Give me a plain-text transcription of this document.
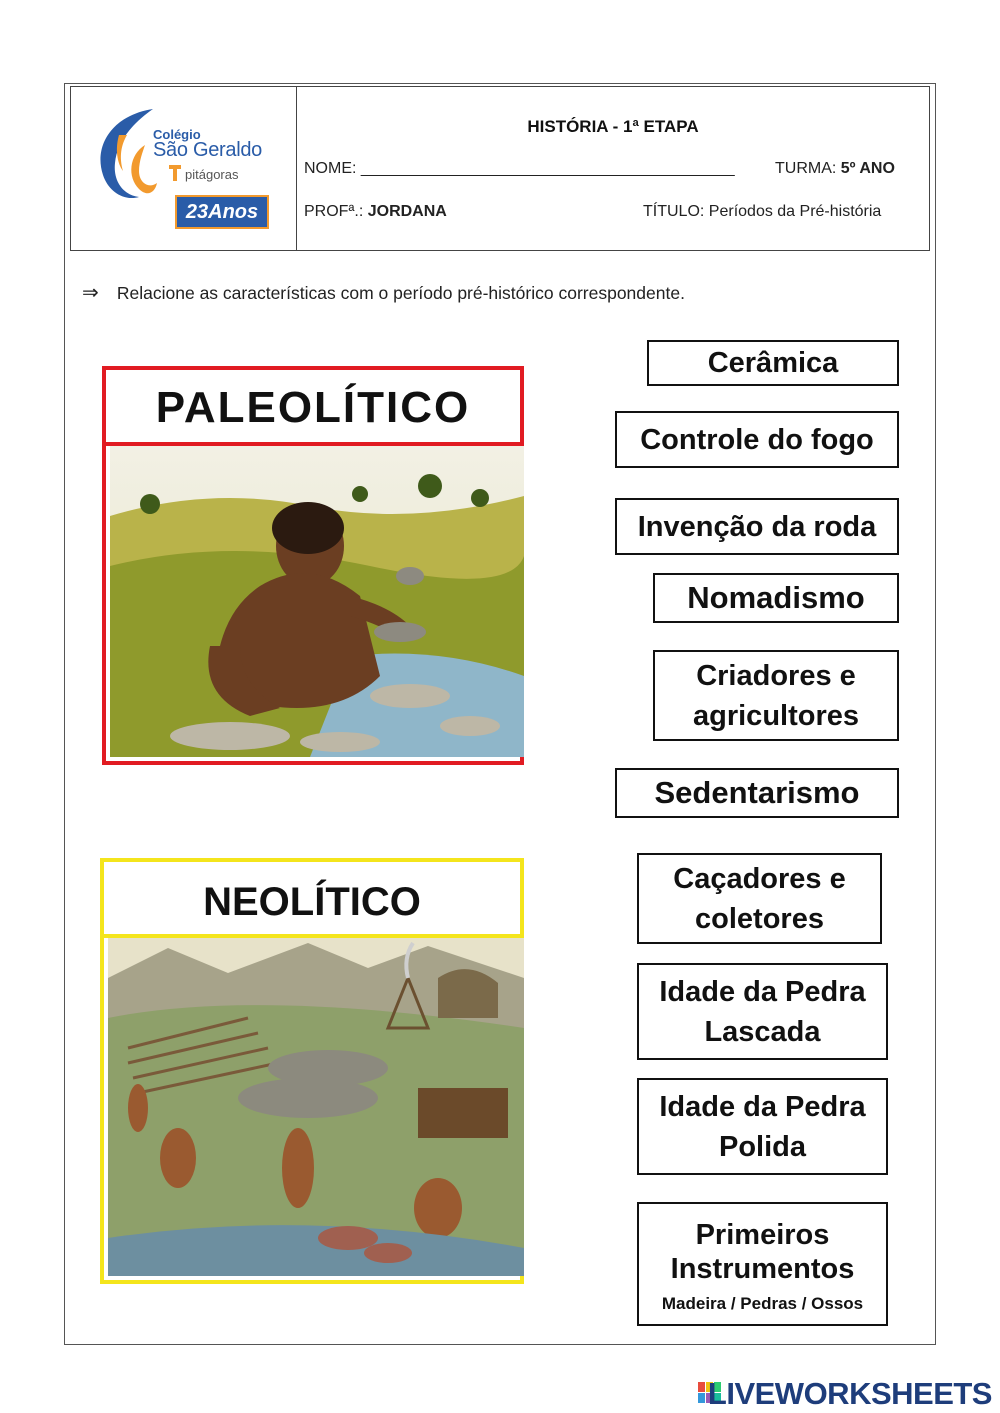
Colégio
São Geraldo
pitágoras
23Anos
HISTÓRIA - 1ª ETAPA
NOME: __________________________________________	TURMA: 5º ANO
PROFª.: JORDANA	TÍTULO: Períodos da Pré-história
⇒ Relacione as características com o período pré-histórico correspondente.
PALEOLÍTICO
NEOLÍTICO
Cerâmica
Controle do fogo
Invenção da roda
Nomadismo
Criadores e agricultores
Sedentarismo
Caçadores e coletores
Idade da Pedra Lascada
Idade da Pedra Polida
Primeiros Instrumentos
Madeira / Pedras / Ossos
LIVEWORKSHEETS
